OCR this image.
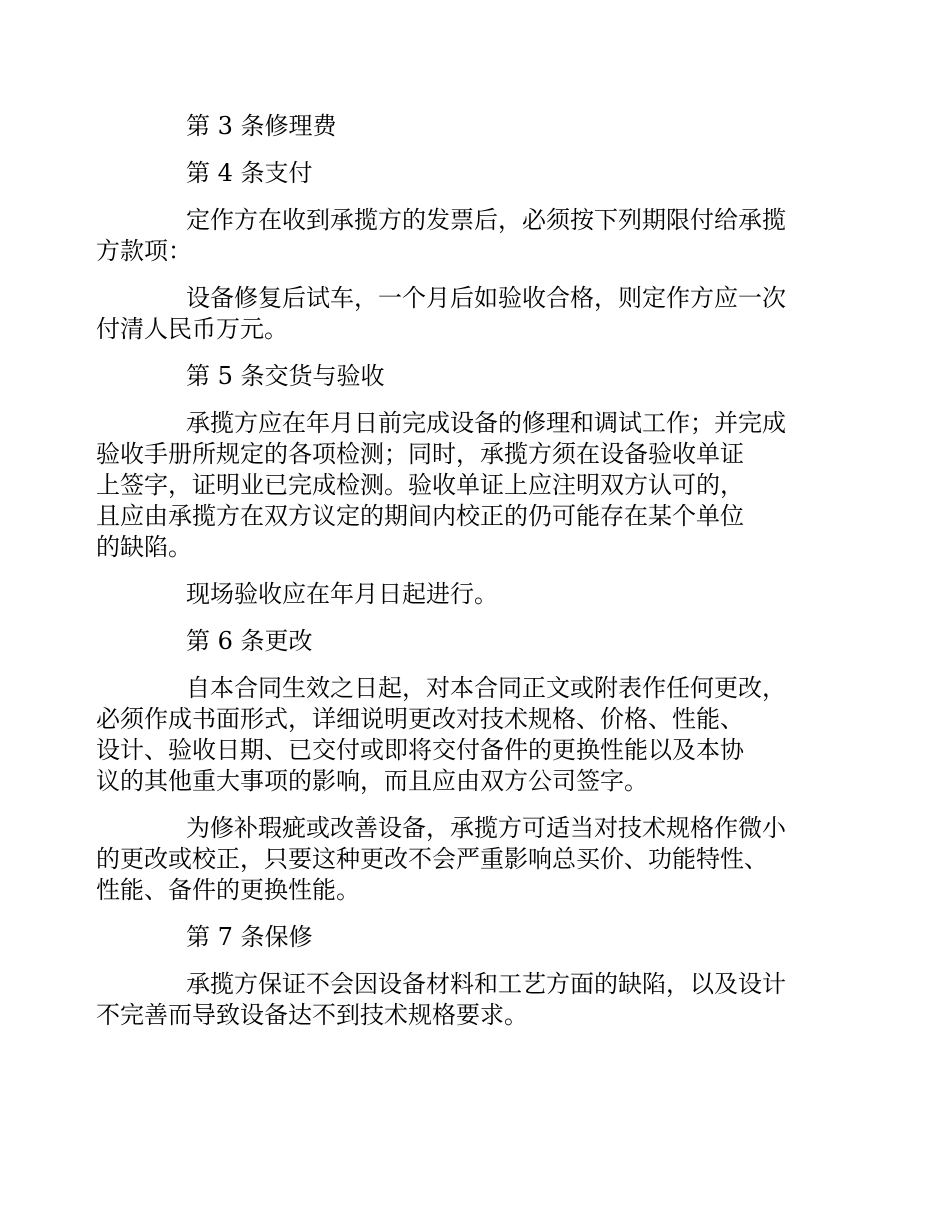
第 3 条修理费

第 4 条支付

定作方在收到承揽方的发票后，必须按下列期限付给承揽
方款项：

设备修复后试车，一个月后如验收合格，则定作方应一次
付清人民币万元。

第 5 条交货与验收

承揽方应在年月日前完成设备的修理和调试工作；并完成
验收手册所规定的各项检测；同时，承揽方须在设备验收单证
上签字，证明业已完成检测。验收单证上应注明双方认可的，
且应由承揽方在双方议定的期间内校正的仍可能存在某个单位
的缺陷。

现场验收应在年月日起进行。

第 6 条更改

自本合同生效之日起，对本合同正文或附表作任何更改，
必须作成书面形式，详细说明更改对技术规格、价格、性能、
设计、验收日期、已交付或即将交付备件的更换性能以及本协
议的其他重大事项的影响，而且应由双方公司签字。

为修补瑕疵或改善设备，承揽方可适当对技术规格作微小
的更改或校正，只要这种更改不会严重影响总买价、功能特性、
性能、备件的更换性能。

第 7 条保修

承揽方保证不会因设备材料和工艺方面的缺陷，以及设计
不完善而导致设备达不到技术规格要求。
